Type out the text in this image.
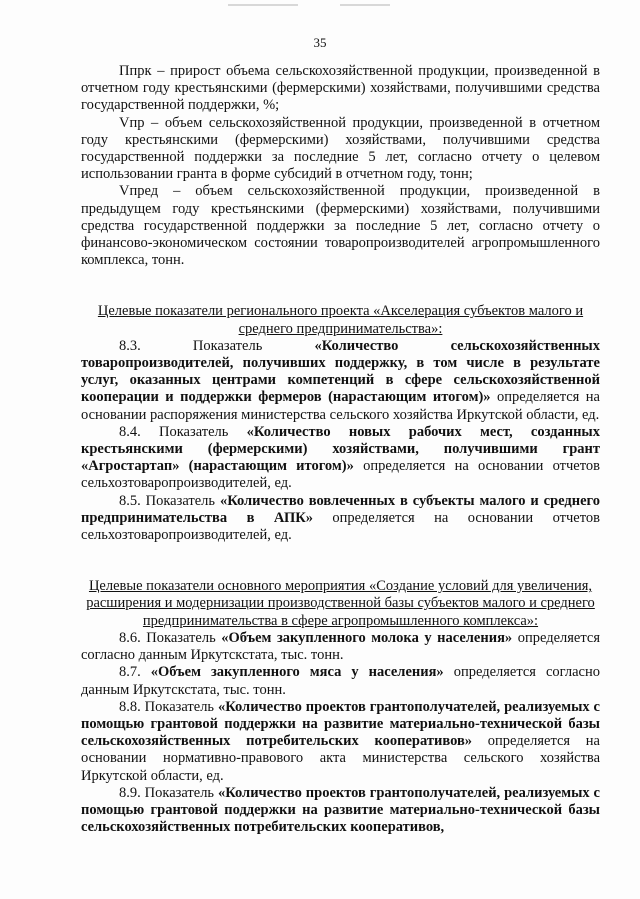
35

Ппрк – прирост объема сельскохозяйственной продукции, произведенной в отчетном году крестьянскими (фермерскими) хозяйствами, получившими средства государственной поддержки, %;

Vпр – объем сельскохозяйственной продукции, произведенной в отчетном году крестьянскими (фермерскими) хозяйствами, получившими средства государственной поддержки за последние 5 лет, согласно отчету о целевом использовании гранта в форме субсидий в отчетном году, тонн;

Vпред – объем сельскохозяйственной продукции, произведенной в предыдущем году крестьянскими (фермерскими) хозяйствами, получившими средства государственной поддержки за последние 5 лет, согласно отчету о финансово-экономическом состоянии товаропроизводителей агропромышленного комплекса, тонн.

Целевые показатели регионального проекта «Акселерация субъектов малого и среднего предпринимательства»:

8.3. Показатель «Количество сельскохозяйственных товаропроизводителей, получивших поддержку, в том числе в результате услуг, оказанных центрами компетенций в сфере сельскохозяйственной кооперации и поддержки фермеров (нарастающим итогом)» определяется на основании распоряжения министерства сельского хозяйства Иркутской области, ед.

8.4. Показатель «Количество новых рабочих мест, созданных крестьянскими (фермерскими) хозяйствами, получившими грант «Агростартап» (нарастающим итогом)» определяется на основании отчетов сельхозтоваропроизводителей, ед.

8.5. Показатель «Количество вовлеченных в субъекты малого и среднего предпринимательства в АПК» определяется на основании отчетов сельхозтоваропроизводителей, ед.

Целевые показатели основного мероприятия «Создание условий для увеличения, расширения и модернизации производственной базы субъектов малого и среднего предпринимательства в сфере агропромышленного комплекса»:

8.6. Показатель «Объем закупленного молока у населения» определяется согласно данным Иркутскстата, тыс. тонн.

8.7. «Объем закупленного мяса у населения» определяется согласно данным Иркутскстата, тыс. тонн.

8.8. Показатель «Количество проектов грантополучателей, реализуемых с помощью грантовой поддержки на развитие материально-технической базы сельскохозяйственных потребительских кооперативов» определяется на основании нормативно-правового акта министерства сельского хозяйства Иркутской области, ед.

8.9. Показатель «Количество проектов грантополучателей, реализуемых с помощью грантовой поддержки на развитие материально-технической базы сельскохозяйственных потребительских кооперативов,
